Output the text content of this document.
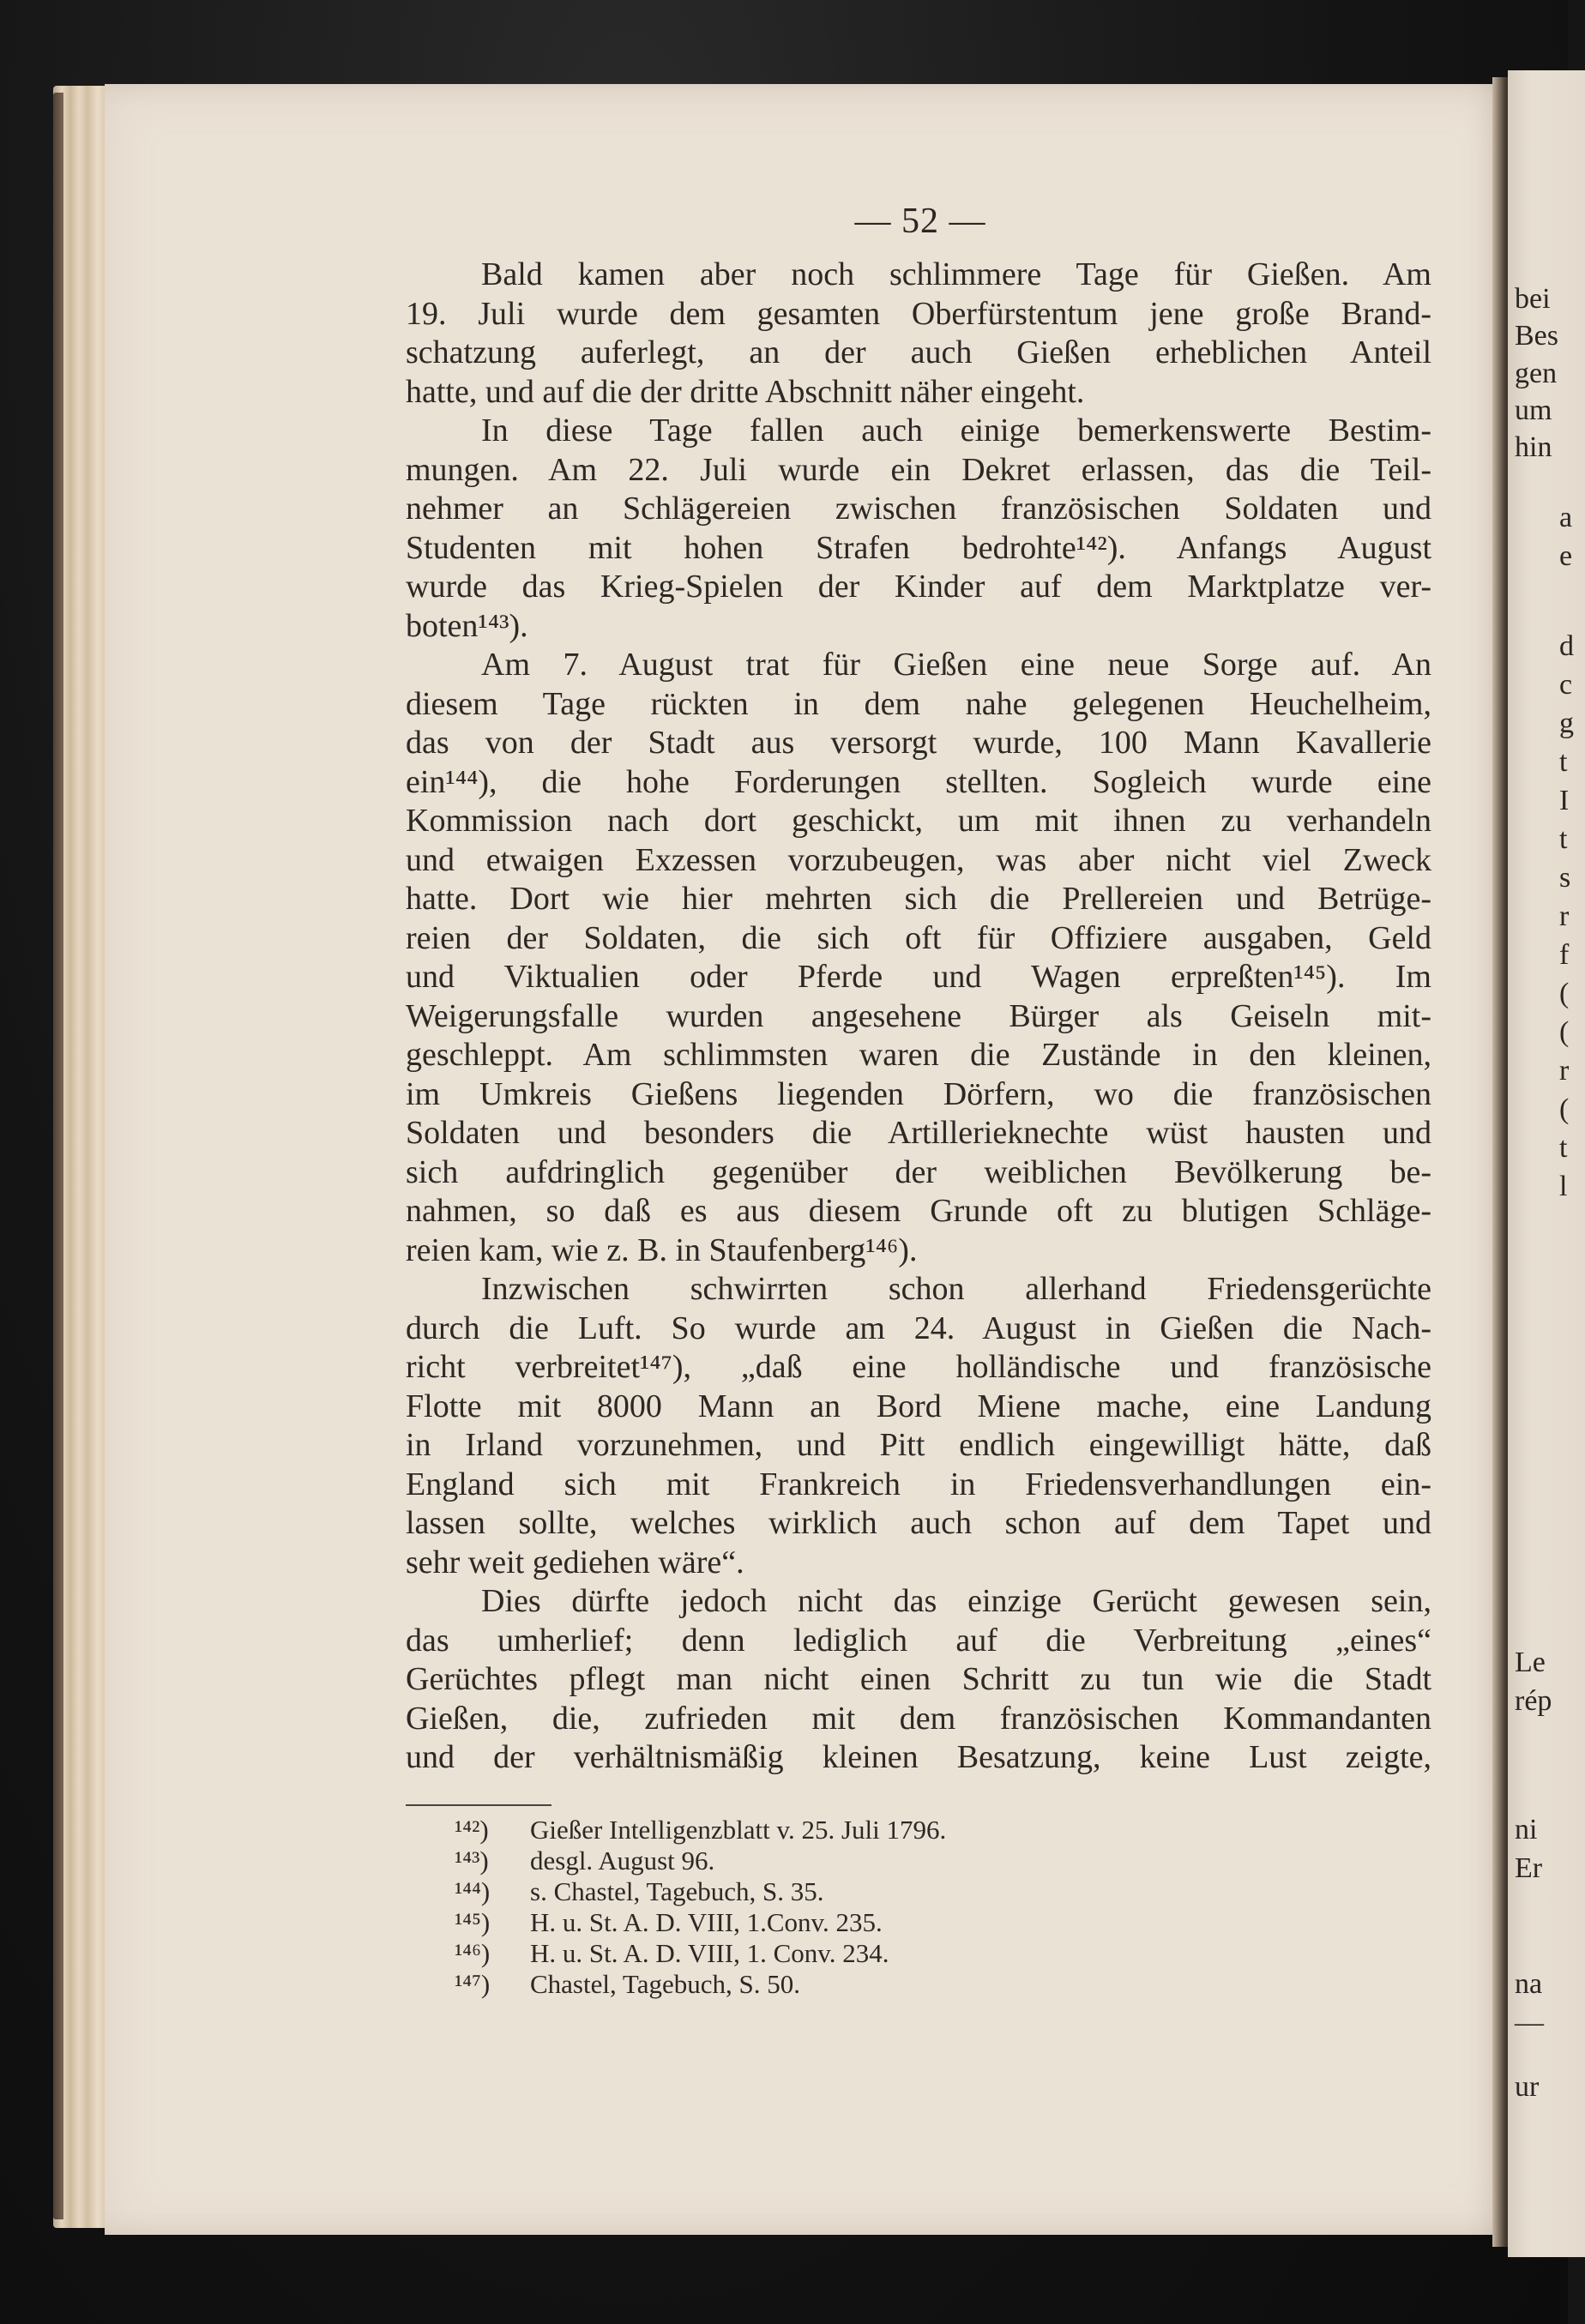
bei
Bes
gen
um
hin
a
e
d
c
g
t
I
t
s
r
f
(
(
r
(
t
l
Le
rép
ni
Er
na
—
ur
— 52 —
Bald kamen aber noch schlimmere Tage für Gießen. Am
19. Juli wurde dem gesamten Oberfürstentum jene große Brand-
schatzung auferlegt, an der auch Gießen erheblichen Anteil
hatte, und auf die der dritte Abschnitt näher eingeht.
In diese Tage fallen auch einige bemerkenswerte Bestim-
mungen. Am 22. Juli wurde ein Dekret erlassen, das die Teil-
nehmer an Schlägereien zwischen französischen Soldaten und
Studenten mit hohen Strafen bedrohte¹⁴²). Anfangs August
wurde das Krieg-Spielen der Kinder auf dem Marktplatze ver-
boten¹⁴³).
Am 7. August trat für Gießen eine neue Sorge auf. An
diesem Tage rückten in dem nahe gelegenen Heuchelheim,
das von der Stadt aus versorgt wurde, 100 Mann Kavallerie
ein¹⁴⁴), die hohe Forderungen stellten. Sogleich wurde eine
Kommission nach dort geschickt, um mit ihnen zu verhandeln
und etwaigen Exzessen vorzubeugen, was aber nicht viel Zweck
hatte. Dort wie hier mehrten sich die Prellereien und Betrüge-
reien der Soldaten, die sich oft für Offiziere ausgaben, Geld
und Viktualien oder Pferde und Wagen erpreßten¹⁴⁵). Im
Weigerungsfalle wurden angesehene Bürger als Geiseln mit-
geschleppt. Am schlimmsten waren die Zustände in den kleinen,
im Umkreis Gießens liegenden Dörfern, wo die französischen
Soldaten und besonders die Artillerieknechte wüst hausten und
sich aufdringlich gegenüber der weiblichen Bevölkerung be-
nahmen, so daß es aus diesem Grunde oft zu blutigen Schläge-
reien kam, wie z. B. in Staufenberg¹⁴⁶).
Inzwischen schwirrten schon allerhand Friedensgerüchte
durch die Luft. So wurde am 24. August in Gießen die Nach-
richt verbreitet¹⁴⁷), „daß eine holländische und französische
Flotte mit 8000 Mann an Bord Miene mache, eine Landung
in Irland vorzunehmen, und Pitt endlich eingewilligt hätte, daß
England sich mit Frankreich in Friedensverhandlungen ein-
lassen sollte, welches wirklich auch schon auf dem Tapet und
sehr weit gediehen wäre“.
Dies dürfte jedoch nicht das einzige Gerücht gewesen sein,
das umherlief; denn lediglich auf die Verbreitung „eines“
Gerüchtes pflegt man nicht einen Schritt zu tun wie die Stadt
Gießen, die, zufrieden mit dem französischen Kommandanten
und der verhältnismäßig kleinen Besatzung, keine Lust zeigte,
¹⁴²) Gießer Intelligenzblatt v. 25. Juli 1796.
¹⁴³) desgl. August 96.
¹⁴⁴) s. Chastel, Tagebuch, S. 35.
¹⁴⁵) H. u. St. A. D. VIII, 1.Conv. 235.
¹⁴⁶) H. u. St. A. D. VIII, 1. Conv. 234.
¹⁴⁷) Chastel, Tagebuch, S. 50.
